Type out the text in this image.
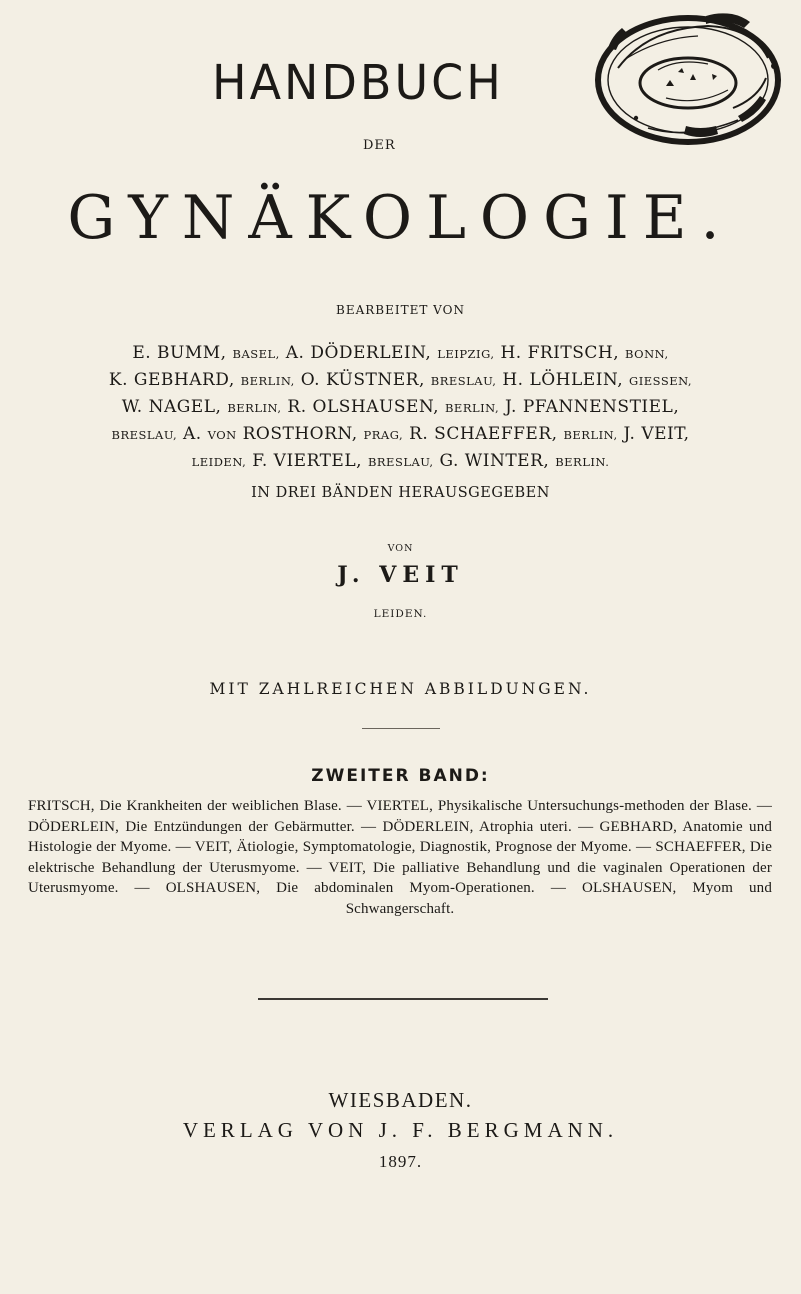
HANDBUCH
DER
GYNÄKOLOGIE.
BEARBEITET VON
E. BUMM, BASEL, A. DÖDERLEIN, LEIPZIG, H. FRITSCH, BONN,
K. GEBHARD, BERLIN, O. KÜSTNER, BRESLAU, H. LÖHLEIN, GIESSEN,
W. NAGEL, BERLIN, R. OLSHAUSEN, BERLIN, J. PFANNENSTIEL,
BRESLAU, A. VON ROSTHORN, PRAG, R. SCHAEFFER, BERLIN, J. VEIT,
LEIDEN, F. VIERTEL, BRESLAU, G. WINTER, BERLIN.
IN DREI BÄNDEN HERAUSGEGEBEN
VON
J. VEIT
LEIDEN.
MIT ZAHLREICHEN ABBILDUNGEN.
ZWEITER BAND:
FRITSCH, Die Krankheiten der weiblichen Blase. — VIERTEL, Physikalische Untersuchungs-methoden der Blase. — DÖDERLEIN, Die Entzündungen der Gebärmutter. — DÖDERLEIN, Atrophia uteri. — GEBHARD, Anatomie und Histologie der Myome. — VEIT, Ätiologie, Symptomatologie, Diagnostik, Prognose der Myome. — SCHAEFFER, Die elektrische Behandlung der Uterusmyome. — VEIT, Die palliative Behandlung und die vaginalen Operationen der Uterusmyome. — OLSHAUSEN, Die abdominalen Myom-Operationen. — OLSHAUSEN, Myom und Schwangerschaft.
WIESBADEN.
VERLAG VON J. F. BERGMANN.
1897.
